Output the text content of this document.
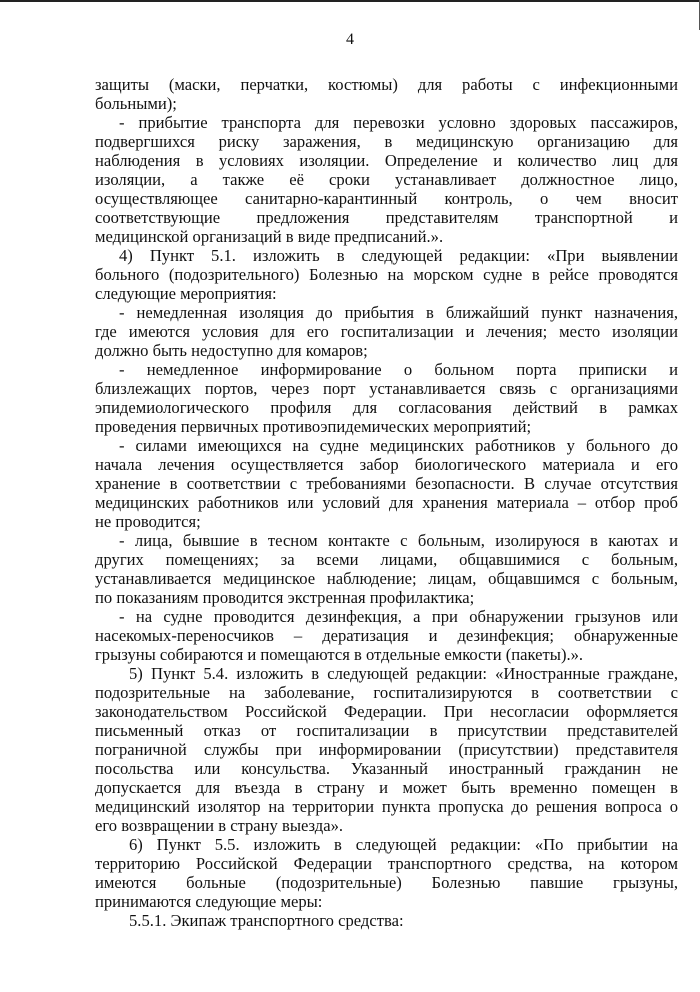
4
защиты (маски, перчатки, костюмы) для работы с инфекционными
больными);
- прибытие транспорта для перевозки условно здоровых пассажиров,
подвергшихся риску заражения, в медицинскую организацию для
наблюдения в условиях изоляции. Определение и количество лиц для
изоляции, а также её сроки устанавливает должностное лицо,
осуществляющее санитарно-карантинный контроль, о чем вносит
соответствующие предложения представителям транспортной и
медицинской организаций в виде предписаний.».
4) Пункт 5.1. изложить в следующей редакции: «При выявлении
больного (подозрительного) Болезнью на морском судне в рейсе проводятся
следующие мероприятия:
- немедленная изоляция до прибытия в ближайший пункт назначения,
где имеются условия для его госпитализации и лечения; место изоляции
должно быть недоступно для комаров;
- немедленное информирование о больном порта приписки и
близлежащих портов, через порт устанавливается связь с организациями
эпидемиологического профиля для согласования действий в рамках
проведения первичных противоэпидемических мероприятий;
- силами имеющихся на судне медицинских работников у больного до
начала лечения осуществляется забор биологического материала и его
хранение в соответствии с требованиями безопасности. В случае отсутствия
медицинских работников или условий для хранения материала – отбор проб
не проводится;
- лица, бывшие в тесном контакте с больным, изолируюся в каютах и
других помещениях; за всеми лицами, общавшимися с больным,
устанавливается медицинское наблюдение; лицам, общавшимся с больным,
по показаниям проводится экстренная профилактика;
- на судне проводится дезинфекция, а при обнаружении грызунов или
насекомых-переносчиков – дератизация и дезинфекция; обнаруженные
грызуны собираются и помещаются в отдельные емкости (пакеты).».
5) Пункт 5.4. изложить в следующей редакции: «Иностранные граждане,
подозрительные на заболевание, госпитализируются в соответствии с
законодательством Российской Федерации. При несогласии оформляется
письменный отказ от госпитализации в присутствии представителей
пограничной службы при информировании (присутствии) представителя
посольства или консульства. Указанный иностранный гражданин не
допускается для въезда в страну и может быть временно помещен в
медицинский изолятор на территории пункта пропуска до решения вопроса о
его возвращении в страну выезда».
6) Пункт 5.5. изложить в следующей редакции: «По прибытии на
территорию Российской Федерации транспортного средства, на котором
имеются больные (подозрительные) Болезнью павшие грызуны,
принимаются следующие меры:
5.5.1. Экипаж транспортного средства:
